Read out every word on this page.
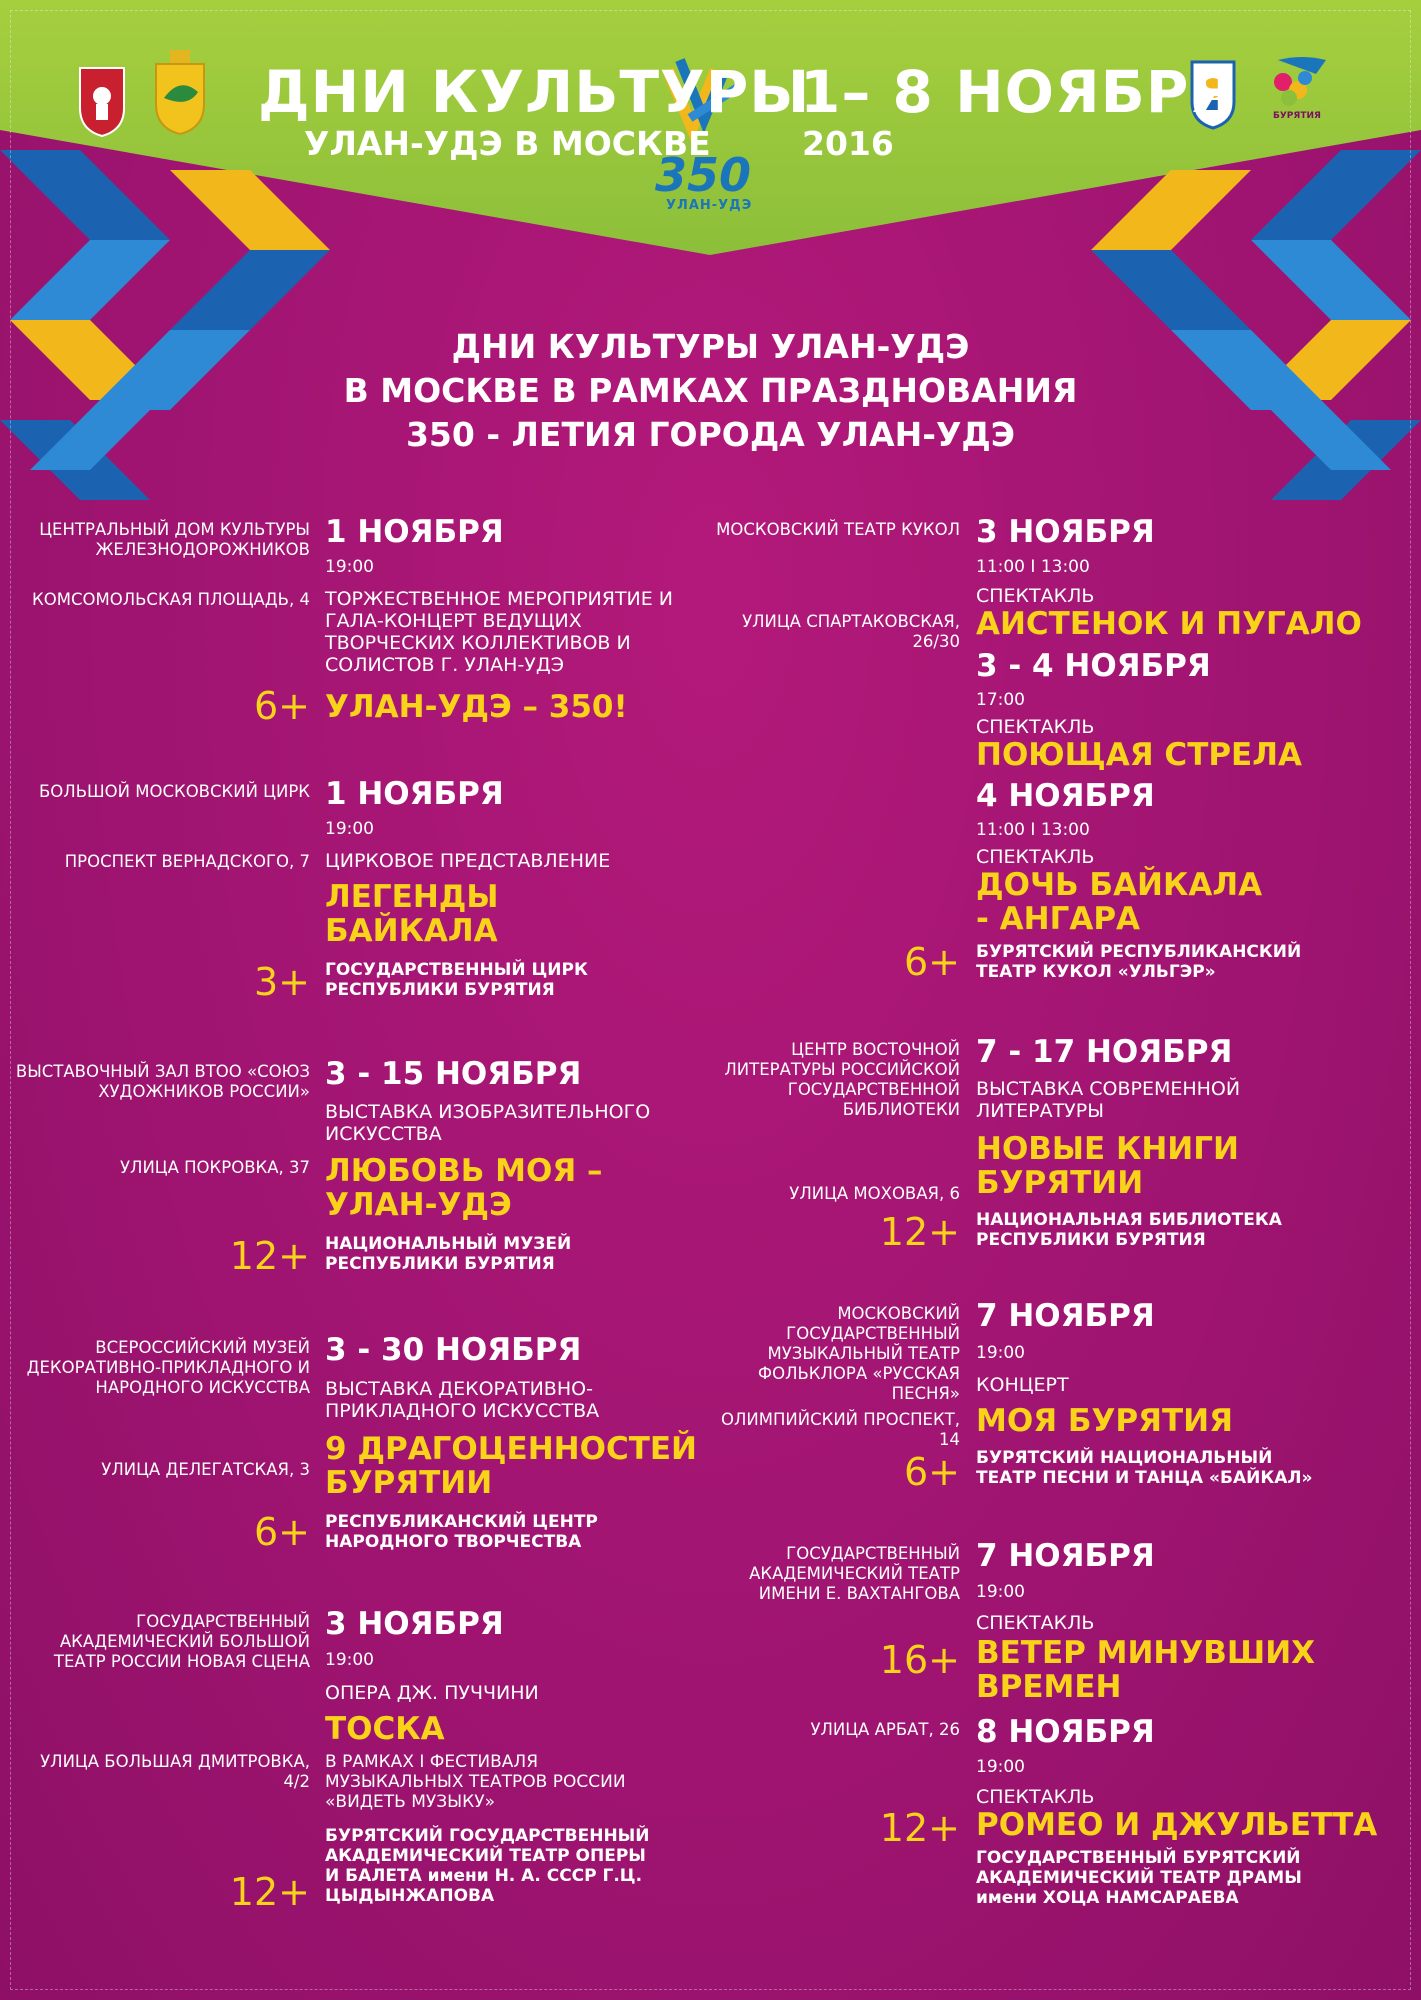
ДНИ КУЛЬТУРЫ
УЛАН-УДЭ В МОСКВЕ
1– 8 НОЯБРЯ
2016
350
УЛАН-УДЭ
БУРЯТИЯ
ДНИ КУЛЬТУРЫ УЛАН-УДЭ
В МОСКВЕ В РАМКАХ ПРАЗДНОВАНИЯ
350 - ЛЕТИЯ ГОРОДА УЛАН-УДЭ
ЦЕНТРАЛЬНЫЙ ДОМ КУЛЬТУРЫ ЖЕЛЕЗНОДОРОЖНИКОВ
КОМСОМОЛЬСКАЯ ПЛОЩАДЬ, 4
1 НОЯБРЯ
19:00
ТОРЖЕСТВЕННОЕ МЕРОПРИЯТИЕ И ГАЛА-КОНЦЕРТ ВЕДУЩИХ ТВОРЧЕСКИХ КОЛЛЕКТИВОВ И СОЛИСТОВ Г. УЛАН-УДЭ
6+ УЛАН-УДЭ – 350!
БОЛЬШОЙ МОСКОВСКИЙ ЦИРК
ПРОСПЕКТ ВЕРНАДСКОГО, 7
1 НОЯБРЯ
19:00
ЦИРКОВОЕ ПРЕДСТАВЛЕНИЕ
ЛЕГЕНДЫ БАЙКАЛА
3+ ГОСУДАРСТВЕННЫЙ ЦИРК РЕСПУБЛИКИ БУРЯТИЯ
ВЫСТАВОЧНЫЙ ЗАЛ ВТОО «СОЮЗ ХУДОЖНИКОВ РОССИИ»
УЛИЦА ПОКРОВКА, 37
3 - 15 НОЯБРЯ
ВЫСТАВКА ИЗОБРАЗИТЕЛЬНОГО ИСКУССТВА
ЛЮБОВЬ МОЯ – УЛАН-УДЭ
12+ НАЦИОНАЛЬНЫЙ МУЗЕЙ РЕСПУБЛИКИ БУРЯТИЯ
ВСЕРОССИЙСКИЙ МУЗЕЙ ДЕКОРАТИВНО-ПРИКЛАДНОГО И НАРОДНОГО ИСКУССТВА
УЛИЦА ДЕЛЕГАТСКАЯ, 3
3 - 30 НОЯБРЯ
ВЫСТАВКА ДЕКОРАТИВНО-ПРИКЛАДНОГО ИСКУССТВА
9 ДРАГОЦЕННОСТЕЙ БУРЯТИИ
6+ РЕСПУБЛИКАНСКИЙ ЦЕНТР НАРОДНОГО ТВОРЧЕСТВА
ГОСУДАРСТВЕННЫЙ АКАДЕМИЧЕСКИЙ БОЛЬШОЙ ТЕАТР РОССИИ НОВАЯ СЦЕНА
УЛИЦА БОЛЬШАЯ ДМИТРОВКА, 4/2
3 НОЯБРЯ
19:00
ОПЕРА ДЖ. ПУЧЧИНИ
ТОСКА
В РАМКАХ I ФЕСТИВАЛЯ МУЗЫКАЛЬНЫХ ТЕАТРОВ РОССИИ «ВИДЕТЬ МУЗЫКУ»
БУРЯТСКИЙ ГОСУДАРСТВЕННЫЙ АКАДЕМИЧЕСКИЙ ТЕАТР ОПЕРЫ И БАЛЕТА имени Н. А. СССР Г.Ц. ЦЫДЫНЖАПОВА
12+
МОСКОВСКИЙ ТЕАТР КУКОЛ
УЛИЦА СПАРТАКОВСКАЯ, 26/30
3 НОЯБРЯ
11:00 I 13:00
СПЕКТАКЛЬ
АИСТЕНОК И ПУГАЛО
3 - 4 НОЯБРЯ
17:00
СПЕКТАКЛЬ
ПОЮЩАЯ СТРЕЛА
4 НОЯБРЯ
11:00 I 13:00
СПЕКТАКЛЬ
ДОЧЬ БАЙКАЛА - АНГАРА
6+ БУРЯТСКИЙ РЕСПУБЛИКАНСКИЙ ТЕАТР КУКОЛ «УЛЬГЭР»
ЦЕНТР ВОСТОЧНОЙ ЛИТЕРАТУРЫ РОССИЙСКОЙ ГОСУДАРСТВЕННОЙ БИБЛИОТЕКИ
УЛИЦА МОХОВАЯ, 6
7 - 17 НОЯБРЯ
ВЫСТАВКА СОВРЕМЕННОЙ ЛИТЕРАТУРЫ
НОВЫЕ КНИГИ БУРЯТИИ
12+ НАЦИОНАЛЬНАЯ БИБЛИОТЕКА РЕСПУБЛИКИ БУРЯТИЯ
МОСКОВСКИЙ ГОСУДАРСТВЕННЫЙ МУЗЫКАЛЬНЫЙ ТЕАТР ФОЛЬКЛОРА «РУССКАЯ ПЕСНЯ»
ОЛИМПИЙСКИЙ ПРОСПЕКТ, 14
7 НОЯБРЯ
19:00
КОНЦЕРТ
МОЯ БУРЯТИЯ
6+ БУРЯТСКИЙ НАЦИОНАЛЬНЫЙ ТЕАТР ПЕСНИ И ТАНЦА «БАЙКАЛ»
ГОСУДАРСТВЕННЫЙ АКАДЕМИЧЕСКИЙ ТЕАТР ИМЕНИ Е. ВАХТАНГОВА
УЛИЦА АРБАТ, 26
7 НОЯБРЯ
19:00
СПЕКТАКЛЬ
ВЕТЕР МИНУВШИХ ВРЕМЕН
16+
8 НОЯБРЯ
19:00
СПЕКТАКЛЬ
РОМЕО И ДЖУЛЬЕТТА
12+
ГОСУДАРСТВЕННЫЙ БУРЯТСКИЙ АКАДЕМИЧЕСКИЙ ТЕАТР ДРАМЫ имени ХОЦА НАМСАРАЕВА
